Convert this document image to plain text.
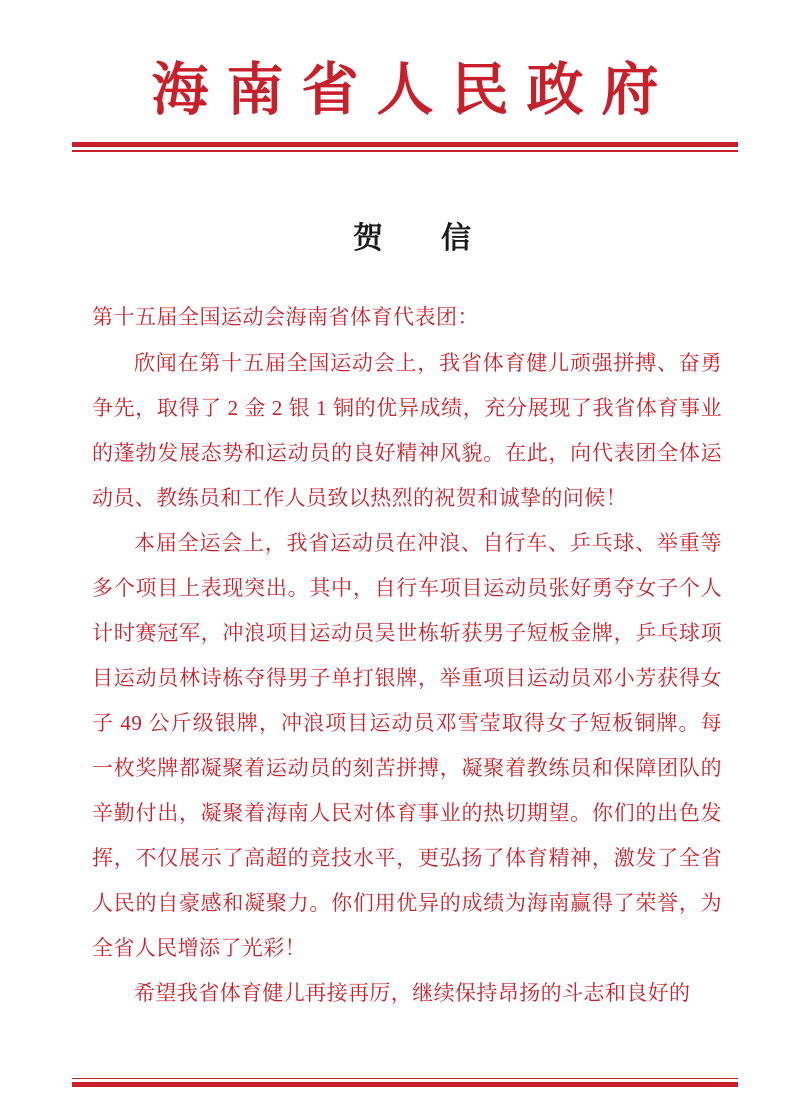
海南省人民政府
贺　信
第十五届全国运动会海南省体育代表团：

欣闻在第十五届全国运动会上，我省体育健儿顽强拼搏、奋勇争先，取得了 2 金 2 银 1 铜的优异成绩，充分展现了我省体育事业的蓬勃发展态势和运动员的良好精神风貌。在此，向代表团全体运动员、教练员和工作人员致以热烈的祝贺和诚挚的问候！

本届全运会上，我省运动员在冲浪、自行车、乒乓球、举重等多个项目上表现突出。其中，自行车项目运动员张好勇夺女子个人计时赛冠军，冲浪项目运动员吴世栋斩获男子短板金牌，乒乓球项目运动员林诗栋夺得男子单打银牌，举重项目运动员邓小芳获得女子 49 公斤级银牌，冲浪项目运动员邓雪莹取得女子短板铜牌。每一枚奖牌都凝聚着运动员的刻苦拼搏，凝聚着教练员和保障团队的辛勤付出，凝聚着海南人民对体育事业的热切期望。你们的出色发挥，不仅展示了高超的竞技水平，更弘扬了体育精神，激发了全省人民的自豪感和凝聚力。你们用优异的成绩为海南赢得了荣誉，为全省人民增添了光彩！

希望我省体育健儿再接再厉，继续保持昂扬的斗志和良好的
